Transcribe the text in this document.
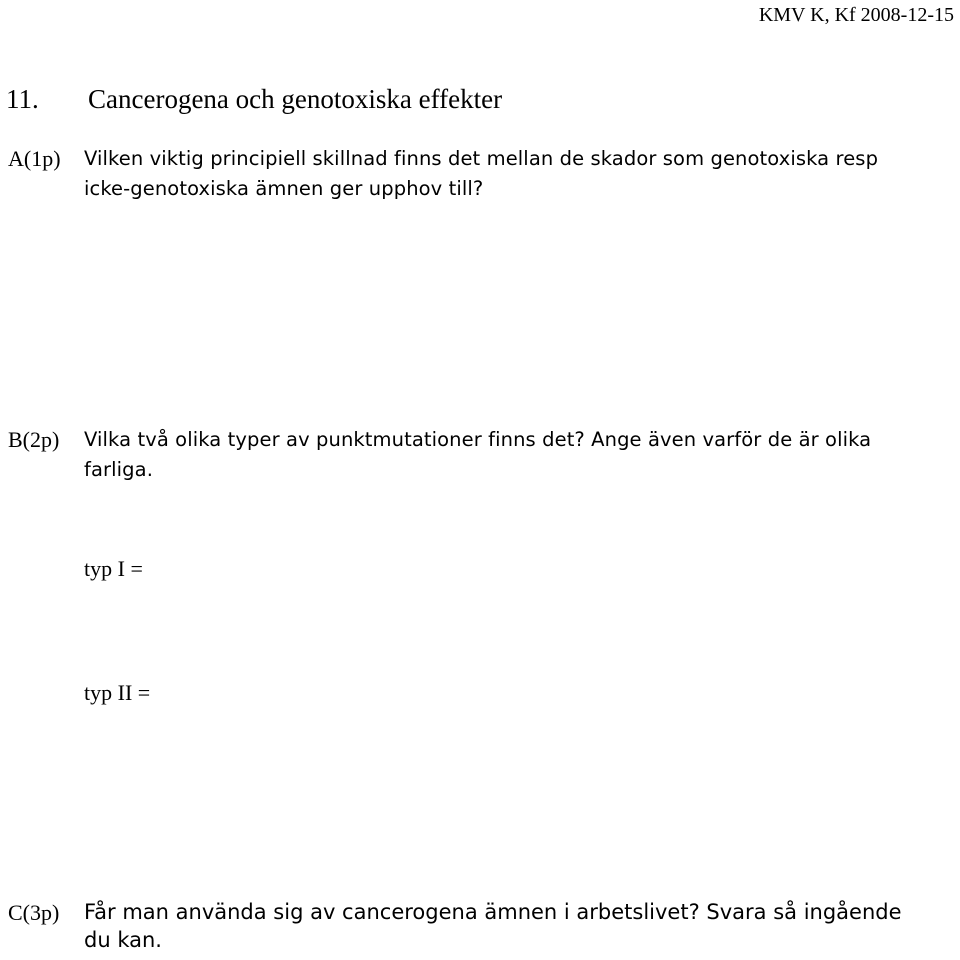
KMV K, Kf 2008-12-15
11. Cancerogena och genotoxiska effekter
A(1p) Vilken viktig principiell skillnad finns det mellan de skador som genotoxiska resp icke-genotoxiska ämnen ger upphov till?
B(2p) Vilka två olika typer av punktmutationer finns det? Ange även varför de är olika farliga.
typ I =
typ II =
C(3p) Får man använda sig av cancerogena ämnen i arbetslivet? Svara så ingående du kan.
